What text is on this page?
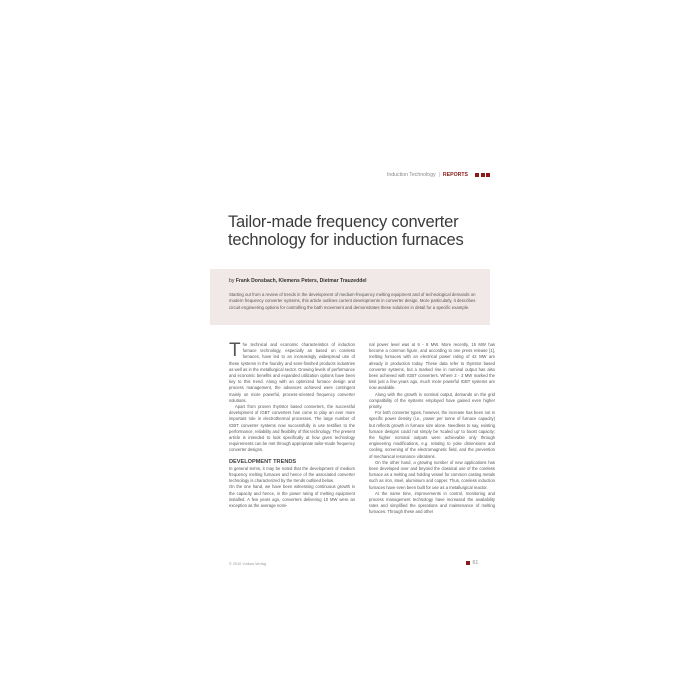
Induction Technology | REPORTS
Tailor-made frequency converter technology for induction furnaces
by Frank Donsbach, Klemens Peters, Dietmar Trauzeddel
Starting out from a review of trends in the development of medium-frequency melting equipment and of technological demands on modern frequency converter systems, this article outlines current developments in converter design. More particularly, it describes circuit engineering options for controlling the bath movement and demonstrates these solutions in detail for a specific example.

The technical and economic characteristics of induction furnace technology, especially as based on coreless furnaces, have led to an increasingly widespread use of these systems in the foundry and semi-finished products industries as well as in the metallurgical sector. Growing levels of performance and economic benefits and expanded utilization options have been key to this trend. Along with an optimized furnace design and process management, the advances achieved were contingent mainly on more powerful, process-oriented frequency converter solutions.

Apart from proven thyristor based converters, the successful development of IGBT converters has come to play an ever more important role in electrothermal processes. The large number of IGBT converter systems now successfully in use testifies to the performance, reliability and flexibility of this technology. The present article is intended to look specifically at how given technology requirements can be met through appropriate tailor-made frequency converter designs.

DEVELOPMENT TRENDS

In general terms, it may be noted that the development of medium frequency melting furnaces and hence of the associated converter technology is characterized by the trends outlined below.

On the one hand, we have been witnessing continuous growth in the capacity and hence, in the power rating of melting equipment installed. A few years ago, converters delivering 10 MW were an exception as the average nomi-

nal power level was at 6 - 8 MW. More recently, 15 MW has become a common figure, and according to one press release [1], melting furnaces with an electrical power rating of 42 MW are already in production today. These data refer to thyristor based converter systems, but a marked rise in nominal output has also been achieved with IGBT converters. Where 2 - 3 MW marked the limit just a few years ago, much more powerful IGBT systems are now available.

Along with the growth in nominal output, demands on the grid compatibility of the systems employed have gained even higher priority.

For both converter types, however, the increase has been not in specific power density (i.e., power per tonne of furnace capacity) but reflects growth in furnace size alone. Needless to say, existing furnace designs could not simply be 'scaled up' to boost capacity; the higher nominal outputs were achievable only through engineering modifications, e.g. relating to yoke dimensions and cooling, screening of the electromagnetic field, and the prevention of mechanical resonance vibrations.

On the other hand, a growing number of new applications has been developed over and beyond the classical use of the coreless furnace as a melting and holding vessel for common casting metals such as iron, steel, aluminium and copper. Thus, coreless induction furnaces have even been built for use as a metallurgical reactor.

At the same time, improvements in control, monitoring and process management technology have increased the availability rates and simplified the operations and maintenance of melting furnaces. Through these and other

© 2010 Vulkan-Verlag	61
